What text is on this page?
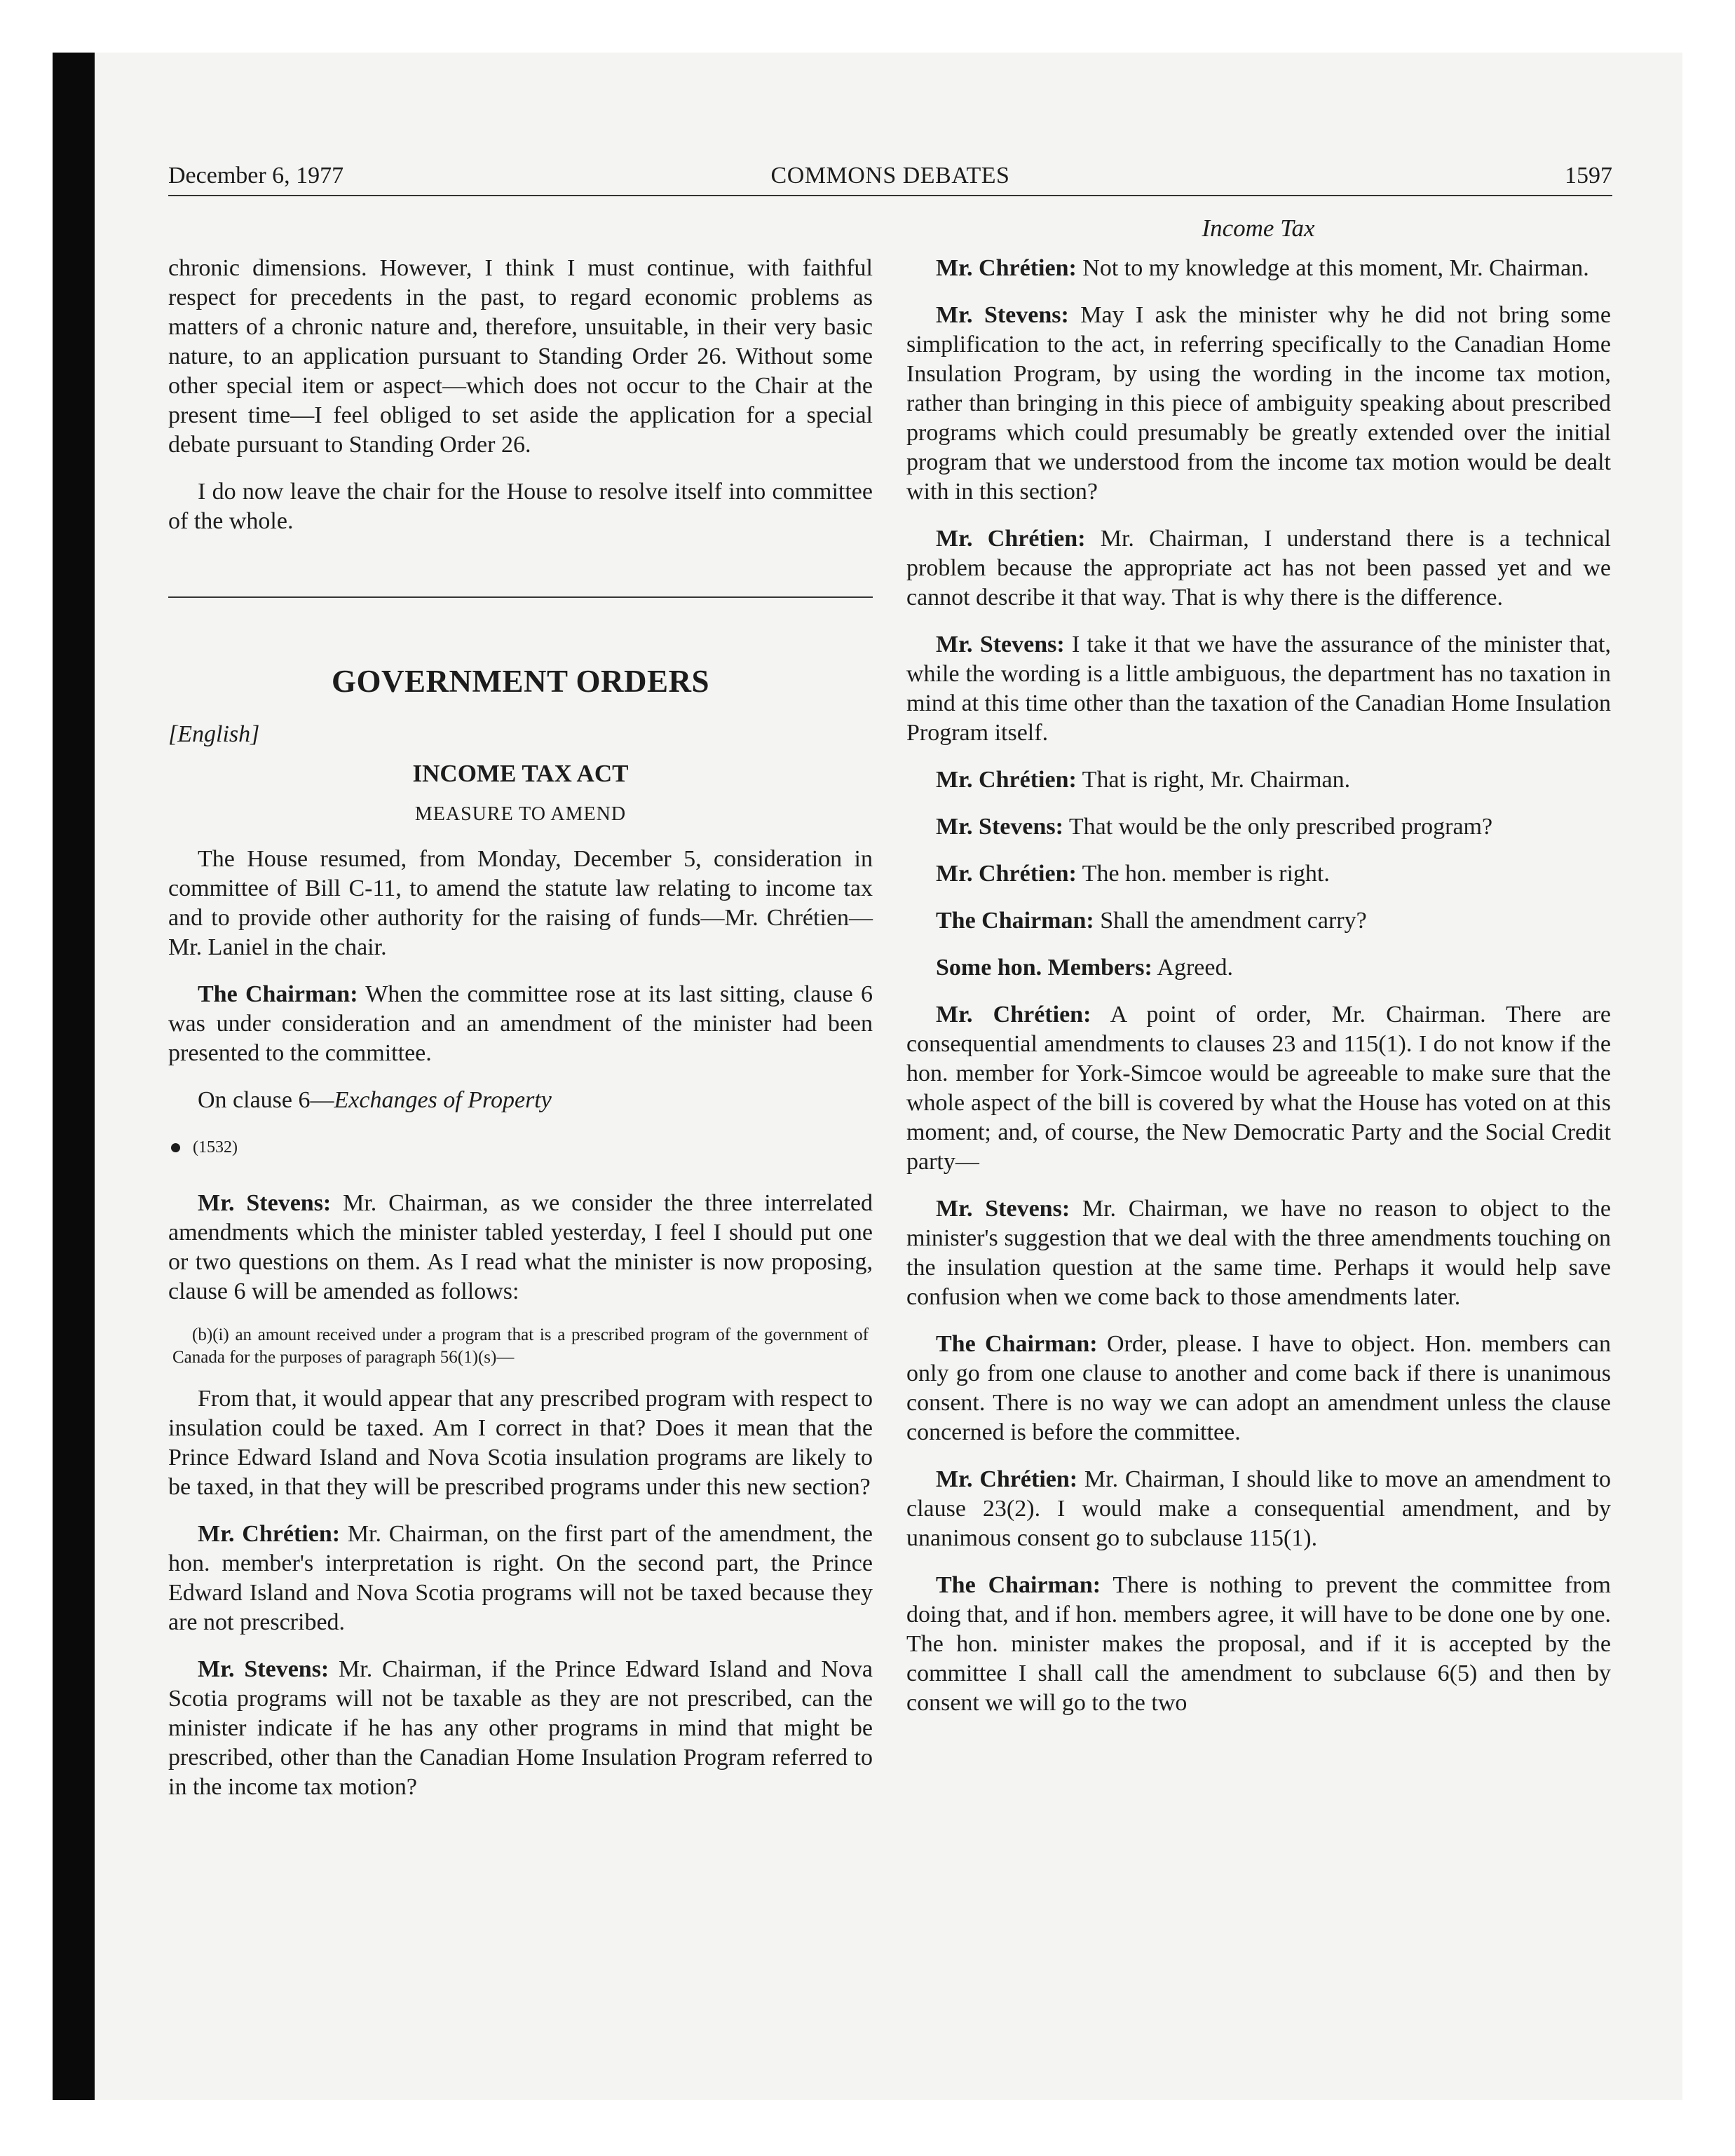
December 6, 1977	COMMONS DEBATES	1597
Income Tax

chronic dimensions. However, I think I must continue, with faithful respect for precedents in the past, to regard economic problems as matters of a chronic nature and, therefore, unsuitable, in their very basic nature, to an application pursuant to Standing Order 26. Without some other special item or aspect—which does not occur to the Chair at the present time—I feel obliged to set aside the application for a special debate pursuant to Standing Order 26.

I do now leave the chair for the House to resolve itself into committee of the whole.

GOVERNMENT ORDERS
[English]
INCOME TAX ACT
MEASURE TO AMEND

The House resumed, from Monday, December 5, consideration in committee of Bill C-11, to amend the statute law relating to income tax and to provide other authority for the raising of funds—Mr. Chrétien—Mr. Laniel in the chair.

The Chairman: When the committee rose at its last sitting, clause 6 was under consideration and an amendment of the minister had been presented to the committee.

On clause 6—Exchanges of Property

(1532)

Mr. Stevens: Mr. Chairman, as we consider the three interrelated amendments which the minister tabled yesterday, I feel I should put one or two questions on them. As I read what the minister is now proposing, clause 6 will be amended as follows:

(b)(i) an amount received under a program that is a prescribed program of the government of Canada for the purposes of paragraph 56(1)(s)—

From that, it would appear that any prescribed program with respect to insulation could be taxed. Am I correct in that? Does it mean that the Prince Edward Island and Nova Scotia insulation programs are likely to be taxed, in that they will be prescribed programs under this new section?

Mr. Chrétien: Mr. Chairman, on the first part of the amendment, the hon. member's interpretation is right. On the second part, the Prince Edward Island and Nova Scotia programs will not be taxed because they are not prescribed.

Mr. Stevens: Mr. Chairman, if the Prince Edward Island and Nova Scotia programs will not be taxable as they are not prescribed, can the minister indicate if he has any other programs in mind that might be prescribed, other than the Canadian Home Insulation Program referred to in the income tax motion?

Mr. Chrétien: Not to my knowledge at this moment, Mr. Chairman.

Mr. Stevens: May I ask the minister why he did not bring some simplification to the act, in referring specifically to the Canadian Home Insulation Program, by using the wording in the income tax motion, rather than bringing in this piece of ambiguity speaking about prescribed programs which could presumably be greatly extended over the initial program that we understood from the income tax motion would be dealt with in this section?

Mr. Chrétien: Mr. Chairman, I understand there is a technical problem because the appropriate act has not been passed yet and we cannot describe it that way. That is why there is the difference.

Mr. Stevens: I take it that we have the assurance of the minister that, while the wording is a little ambiguous, the department has no taxation in mind at this time other than the taxation of the Canadian Home Insulation Program itself.

Mr. Chrétien: That is right, Mr. Chairman.

Mr. Stevens: That would be the only prescribed program?

Mr. Chrétien: The hon. member is right.

The Chairman: Shall the amendment carry?

Some hon. Members: Agreed.

Mr. Chrétien: A point of order, Mr. Chairman. There are consequential amendments to clauses 23 and 115(1). I do not know if the hon. member for York-Simcoe would be agreeable to make sure that the whole aspect of the bill is covered by what the House has voted on at this moment; and, of course, the New Democratic Party and the Social Credit party—

Mr. Stevens: Mr. Chairman, we have no reason to object to the minister's suggestion that we deal with the three amendments touching on the insulation question at the same time. Perhaps it would help save confusion when we come back to those amendments later.

The Chairman: Order, please. I have to object. Hon. members can only go from one clause to another and come back if there is unanimous consent. There is no way we can adopt an amendment unless the clause concerned is before the committee.

Mr. Chrétien: Mr. Chairman, I should like to move an amendment to clause 23(2). I would make a consequential amendment, and by unanimous consent go to subclause 115(1).

The Chairman: There is nothing to prevent the committee from doing that, and if hon. members agree, it will have to be done one by one. The hon. minister makes the proposal, and if it is accepted by the committee I shall call the amendment to subclause 6(5) and then by consent we will go to the two
